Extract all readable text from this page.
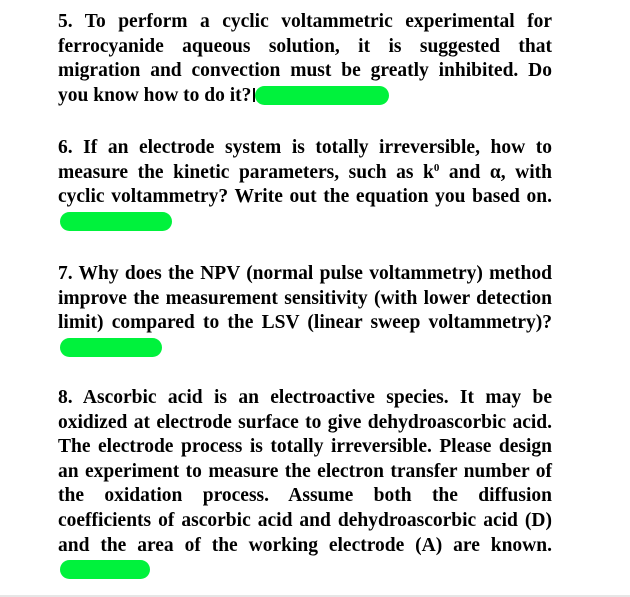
5. To perform a cyclic voltammetric experimental for ferrocyanide aqueous solution, it is suggested that migration and convection must be greatly inhibited. Do you know how to do it?

6. If an electrode system is totally irreversible, how to measure the kinetic parameters, such as $k^0$ and α, with cyclic voltammetry? Write out the equation you based on.

7. Why does the NPV (normal pulse voltammetry) method improve the measurement sensitivity (with lower detection limit) compared to the LSV (linear sweep voltammetry)?

8. Ascorbic acid is an electroactive species. It may be oxidized at electrode surface to give dehydroascorbic acid. The electrode process is totally irreversible. Please design an experiment to measure the electron transfer number of the oxidation process. Assume both the diffusion coefficients of ascorbic acid and dehydroascorbic acid (D) and the area of the working electrode (A) are known.
